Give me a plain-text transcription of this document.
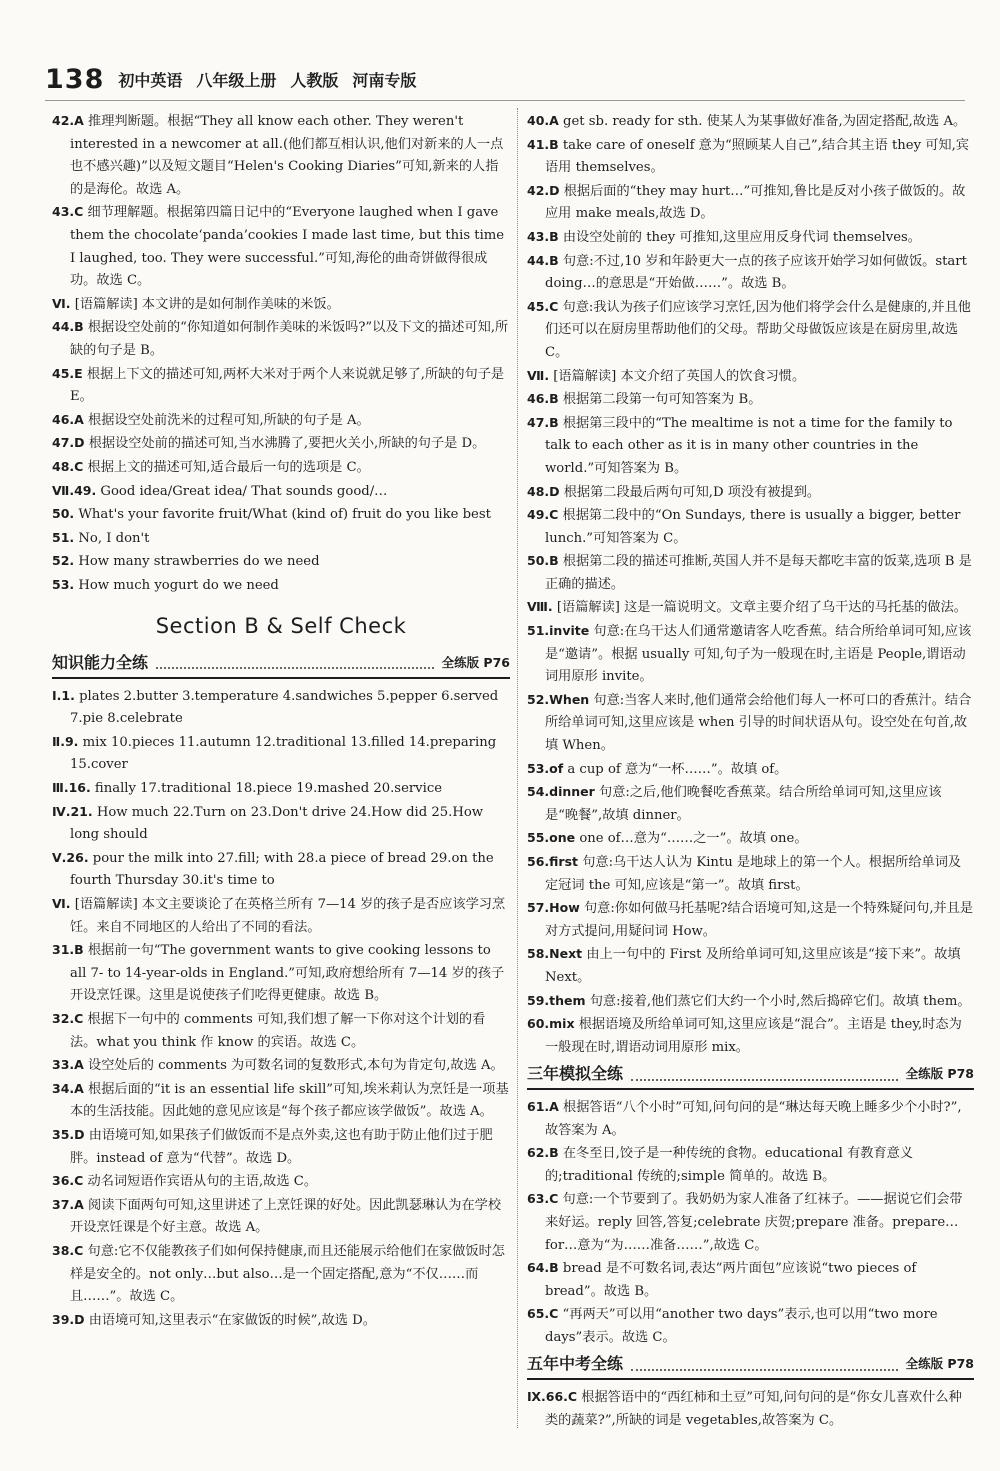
138 初中英语 八年级上册 人教版 河南专版

42.A 推理判断题。根据“They all know each other. They weren't interested in a newcomer at all.(他们都互相认识,他们对新来的人一点也不感兴趣)”以及短文题目“Helen's Cooking Diaries”可知,新来的人指的是海伦。故选 A。

43.C 细节理解题。根据第四篇日记中的“Everyone laughed when I gave them the chocolate‘panda’cookies I made last time, but this time I laughed, too. They were successful.”可知,海伦的曲奇饼做得很成功。故选 C。

Ⅵ. [语篇解读] 本文讲的是如何制作美味的米饭。

44.B 根据设空处前的“你知道如何制作美味的米饭吗?”以及下文的描述可知,所缺的句子是 B。

45.E 根据上下文的描述可知,两杯大米对于两个人来说就足够了,所缺的句子是 E。

46.A 根据设空处前洗米的过程可知,所缺的句子是 A。

47.D 根据设空处前的描述可知,当水沸腾了,要把火关小,所缺的句子是 D。

48.C 根据上文的描述可知,适合最后一句的选项是 C。

Ⅶ.49. Good idea/Great idea/ That sounds good/…

50. What's your favorite fruit/What (kind of) fruit do you like best

51. No, I don't

52. How many strawberries do we need

53. How much yogurt do we need

Section B & Self Check
知识能力全练	全练版 P76

Ⅰ.1. plates 2.butter 3.temperature 4.sandwiches 5.pepper 6.served 7.pie 8.celebrate

Ⅱ.9. mix 10.pieces 11.autumn 12.traditional 13.filled 14.preparing 15.cover

Ⅲ.16. finally 17.traditional 18.piece 19.mashed 20.service

Ⅳ.21. How much 22.Turn on 23.Don't drive 24.How did 25.How long should

Ⅴ.26. pour the milk into 27.fill; with 28.a piece of bread 29.on the fourth Thursday 30.it's time to

Ⅵ. [语篇解读] 本文主要谈论了在英格兰所有 7—14 岁的孩子是否应该学习烹饪。来自不同地区的人给出了不同的看法。

31.B 根据前一句“The government wants to give cooking lessons to all 7- to 14-year-olds in England.”可知,政府想给所有 7—14 岁的孩子开设烹饪课。这里是说使孩子们吃得更健康。故选 B。

32.C 根据下一句中的 comments 可知,我们想了解一下你对这个计划的看法。what you think 作 know 的宾语。故选 C。

33.A 设空处后的 comments 为可数名词的复数形式,本句为肯定句,故选 A。

34.A 根据后面的“it is an essential life skill”可知,埃米莉认为烹饪是一项基本的生活技能。因此她的意见应该是“每个孩子都应该学做饭”。故选 A。

35.D 由语境可知,如果孩子们做饭而不是点外卖,这也有助于防止他们过于肥胖。instead of 意为“代替”。故选 D。

36.C 动名词短语作宾语从句的主语,故选 C。

37.A 阅读下面两句可知,这里讲述了上烹饪课的好处。因此凯瑟琳认为在学校开设烹饪课是个好主意。故选 A。

38.C 句意:它不仅能教孩子们如何保持健康,而且还能展示给他们在家做饭时怎样是安全的。not only…but also…是一个固定搭配,意为“不仅……而且……”。故选 C。

39.D 由语境可知,这里表示“在家做饭的时候”,故选 D。

40.A get sb. ready for sth. 使某人为某事做好准备,为固定搭配,故选 A。

41.B take care of oneself 意为“照顾某人自己”,结合其主语 they 可知,宾语用 themselves。

42.D 根据后面的“they may hurt…”可推知,鲁比是反对小孩子做饭的。故应用 make meals,故选 D。

43.B 由设空处前的 they 可推知,这里应用反身代词 themselves。

44.B 句意:不过,10 岁和年龄更大一点的孩子应该开始学习如何做饭。start doing…的意思是“开始做……”。故选 B。

45.C 句意:我认为孩子们应该学习烹饪,因为他们将学会什么是健康的,并且他们还可以在厨房里帮助他们的父母。帮助父母做饭应该是在厨房里,故选 C。

Ⅶ. [语篇解读] 本文介绍了英国人的饮食习惯。

46.B 根据第二段第一句可知答案为 B。

47.B 根据第三段中的“The mealtime is not a time for the family to talk to each other as it is in many other countries in the world.”可知答案为 B。

48.D 根据第二段最后两句可知,D 项没有被提到。

49.C 根据第二段中的“On Sundays, there is usually a bigger, better lunch.”可知答案为 C。

50.B 根据第二段的描述可推断,英国人并不是每天都吃丰富的饭菜,选项 B 是正确的描述。

Ⅷ. [语篇解读] 这是一篇说明文。文章主要介绍了乌干达的马托基的做法。

51.invite 句意:在乌干达人们通常邀请客人吃香蕉。结合所给单词可知,应该是“邀请”。根据 usually 可知,句子为一般现在时,主语是 People,谓语动词用原形 invite。

52.When 句意:当客人来时,他们通常会给他们每人一杯可口的香蕉汁。结合所给单词可知,这里应该是 when 引导的时间状语从句。设空处在句首,故填 When。

53.of a cup of 意为“一杯……”。故填 of。

54.dinner 句意:之后,他们晚餐吃香蕉菜。结合所给单词可知,这里应该是“晚餐”,故填 dinner。

55.one one of…意为“……之一”。故填 one。

56.first 句意:乌干达人认为 Kintu 是地球上的第一个人。根据所给单词及定冠词 the 可知,应该是“第一”。故填 first。

57.How 句意:你如何做马托基呢?结合语境可知,这是一个特殊疑问句,并且是对方式提问,用疑问词 How。

58.Next 由上一句中的 First 及所给单词可知,这里应该是“接下来”。故填 Next。

59.them 句意:接着,他们蒸它们大约一个小时,然后捣碎它们。故填 them。

60.mix 根据语境及所给单词可知,这里应该是“混合”。主语是 they,时态为一般现在时,谓语动词用原形 mix。

三年模拟全练	全练版 P78

61.A 根据答语“八个小时”可知,问句问的是“琳达每天晚上睡多少个小时?”,故答案为 A。

62.B 在冬至日,饺子是一种传统的食物。educational 有教育意义的;traditional 传统的;simple 简单的。故选 B。

63.C 句意:一个节要到了。我奶奶为家人准备了红袜子。——据说它们会带来好运。reply 回答,答复;celebrate 庆贺;prepare 准备。prepare…for…意为“为……准备……”,故选 C。

64.B bread 是不可数名词,表达“两片面包”应该说“two pieces of bread”。故选 B。

65.C “再两天”可以用“another two days”表示,也可以用“two more days”表示。故选 C。

五年中考全练	全练版 P78

Ⅸ.66.C 根据答语中的“西红柿和土豆”可知,问句问的是“你女儿喜欢什么种类的蔬菜?”,所缺的词是 vegetables,故答案为 C。
